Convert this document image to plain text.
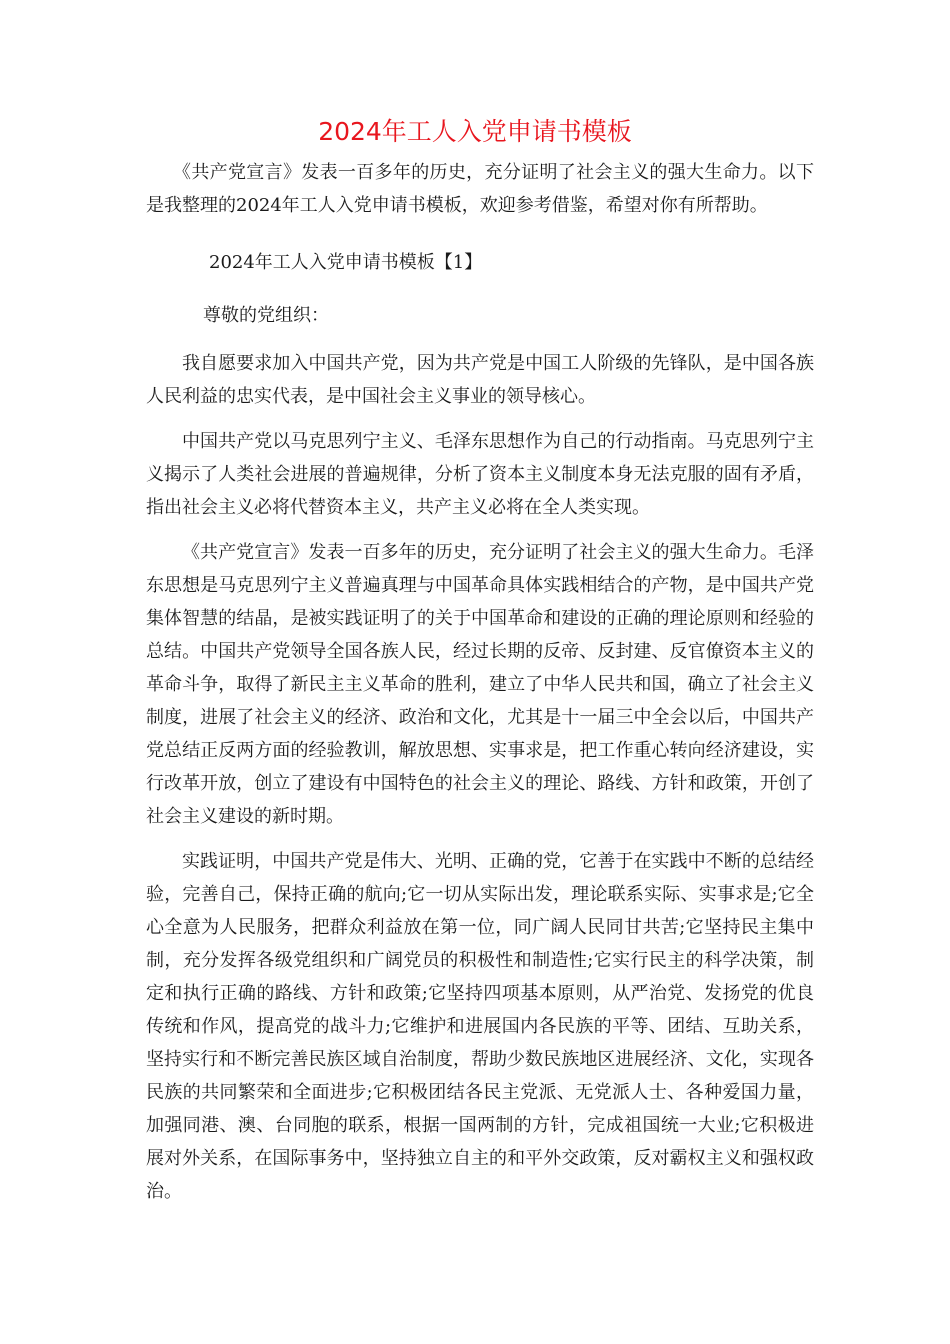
2024年工人入党申请书模板

《共产党宣言》发表一百多年的历史，充分证明了社会主义的强大生命力。以下是我整理的2024年工人入党申请书模板，欢迎参考借鉴，希望对你有所帮助。

2024年工人入党申请书模板【1】

尊敬的党组织：

我自愿要求加入中国共产党，因为共产党是中国工人阶级的先锋队，是中国各族人民利益的忠实代表，是中国社会主义事业的领导核心。

中国共产党以马克思列宁主义、毛泽东思想作为自己的行动指南。马克思列宁主义揭示了人类社会进展的普遍规律，分析了资本主义制度本身无法克服的固有矛盾，指出社会主义必将代替资本主义，共产主义必将在全人类实现。

《共产党宣言》发表一百多年的历史，充分证明了社会主义的强大生命力。毛泽东思想是马克思列宁主义普遍真理与中国革命具体实践相结合的产物，是中国共产党集体智慧的结晶，是被实践证明了的关于中国革命和建设的正确的理论原则和经验的总结。中国共产党领导全国各族人民，经过长期的反帝、反封建、反官僚资本主义的革命斗争，取得了新民主主义革命的胜利，建立了中华人民共和国，确立了社会主义制度，进展了社会主义的经济、政治和文化，尤其是十一届三中全会以后，中国共产党总结正反两方面的经验教训，解放思想、实事求是，把工作重心转向经济建设，实行改革开放，创立了建设有中国特色的社会主义的理论、路线、方针和政策，开创了社会主义建设的新时期。

实践证明，中国共产党是伟大、光明、正确的党，它善于在实践中不断的总结经验，完善自己，保持正确的航向;它一切从实际出发，理论联系实际、实事求是;它全心全意为人民服务，把群众利益放在第一位，同广阔人民同甘共苦;它坚持民主集中制，充分发挥各级党组织和广阔党员的积极性和制造性;它实行民主的科学决策，制定和执行正确的路线、方针和政策;它坚持四项基本原则，从严治党、发扬党的优良传统和作风，提高党的战斗力;它维护和进展国内各民族的平等、团结、互助关系，坚持实行和不断完善民族区域自治制度，帮助少数民族地区进展经济、文化，实现各民族的共同繁荣和全面进步;它积极团结各民主党派、无党派人士、各种爱国力量，加强同港、澳、台同胞的联系，根据一国两制的方针，完成祖国统一大业;它积极进展对外关系，在国际事务中，坚持独立自主的和平外交政策，反对霸权主义和强权政治。
